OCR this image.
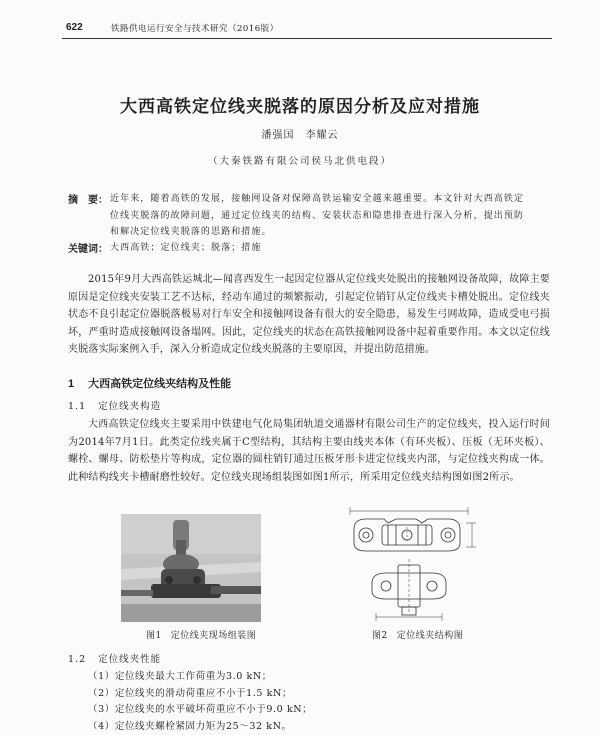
622	铁路供电运行安全与技术研究（2016版）
大西高铁定位线夹脱落的原因分析及应对措施
潘强国　李耀云
（大秦铁路有限公司侯马北供电段）
摘　要： 近年来，随着高铁的发展，接触网设备对保障高铁运输安全越来越重要。本文针对大西高铁定
位线夹脱落的故障问题，通过定位线夹的结构、安装状态和隐患排查进行深入分析，提出预防
和解决定位线夹脱落的思路和措施。
关键词： 大西高铁；定位线夹；脱落；措施
2015年9月大西高铁运城北—闻喜西发生一起因定位器从定位线夹处脱出的接触网设备故障，故障主要原因是定位线夹安装工艺不达标，经动车通过的频繁振动，引起定位销钉从定位线夹卡槽处脱出。定位线夹状态不良引起定位器脱落极易对行车安全和接触网设备有很大的安全隐患，易发生弓网故障，造成受电弓损坏，严重时造成接触网设备塌网。因此，定位线夹的状态在高铁接触网设备中起着重要作用。本文以定位线夹脱落实际案例入手，深入分析造成定位线夹脱落的主要原因，并提出防范措施。
1 大西高铁定位线夹结构及性能
1.1 定位线夹构造
大西高铁定位线夹主要采用中铁建电气化局集团轨道交通器材有限公司生产的定位线夹，投入运行时间为2014年7月1日。此类定位线夹属于C型结构，其结构主要由线夹本体（有环夹板）、压板（无环夹板）、螺栓、螺母、防松垫片等构成，定位器的圆柱销钉通过压板牙形卡进定位线夹内部，与定位线夹构成一体。此种结构线夹卡槽耐磨性较好。定位线夹现场组装图如图1所示，所采用定位线夹结构图如图2所示。
图1 定位线夹现场组装图	图2 定位线夹结构图
1.2 定位线夹性能
（1）定位线夹最大工作荷重为3.0 kN；
（2）定位线夹的滑动荷重应不小于1.5 kN；
（3）定位线夹的水平破坏荷重应不小于9.0 kN；
（4）定位线夹螺栓紧固力矩为25～32 kN。
